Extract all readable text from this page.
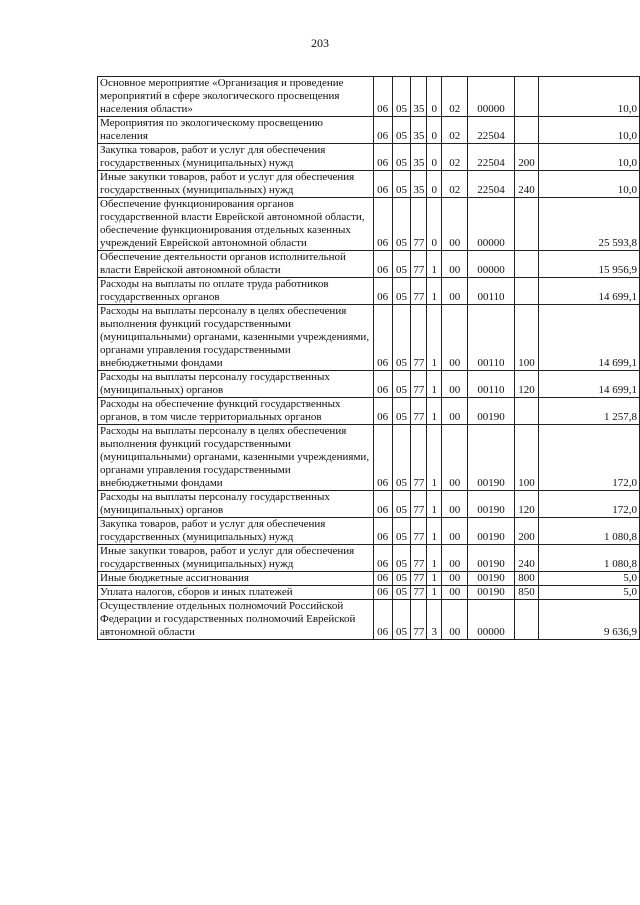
203
Основное мероприятие «Организация и проведение мероприятий в сфере экологического просвещения населения области»	06	05	35	0	02	00000		10,0
Мероприятия по экологическому просвещению населения	06	05	35	0	02	22504		10,0
Закупка товаров, работ и услуг для обеспечения государственных (муниципальных) нужд	06	05	35	0	02	22504	200	10,0
Иные закупки товаров, работ и услуг для обеспечения государственных (муниципальных) нужд	06	05	35	0	02	22504	240	10,0
Обеспечение функционирования органов государственной власти Еврейской автономной области, обеспечение функционирования отдельных казенных учреждений Еврейской автономной области	06	05	77	0	00	00000		25 593,8
Обеспечение деятельности органов исполнительной власти Еврейской автономной области	06	05	77	1	00	00000		15 956,9
Расходы на выплаты по оплате труда работников государственных органов	06	05	77	1	00	00110		14 699,1
Расходы на выплаты персоналу в целях обеспечения выполнения функций государственными (муниципальными) органами, казенными учреждениями, органами управления государственными внебюджетными фондами	06	05	77	1	00	00110	100	14 699,1
Расходы на выплаты персоналу государственных (муниципальных) органов	06	05	77	1	00	00110	120	14 699,1
Расходы на обеспечение функций государственных органов, в том числе территориальных органов	06	05	77	1	00	00190		1 257,8
Расходы на выплаты персоналу в целях обеспечения выполнения функций государственными (муниципальными) органами, казенными учреждениями, органами управления государственными внебюджетными фондами	06	05	77	1	00	00190	100	172,0
Расходы на выплаты персоналу государственных (муниципальных) органов	06	05	77	1	00	00190	120	172,0
Закупка товаров, работ и услуг для обеспечения государственных (муниципальных) нужд	06	05	77	1	00	00190	200	1 080,8
Иные закупки товаров, работ и услуг для обеспечения государственных (муниципальных) нужд	06	05	77	1	00	00190	240	1 080,8
Иные бюджетные ассигнования	06	05	77	1	00	00190	800	5,0
Уплата налогов, сборов и иных платежей	06	05	77	1	00	00190	850	5,0
Осуществление отдельных полномочий Российской Федерации и государственных полномочий Еврейской автономной области	06	05	77	3	00	00000		9 636,9
